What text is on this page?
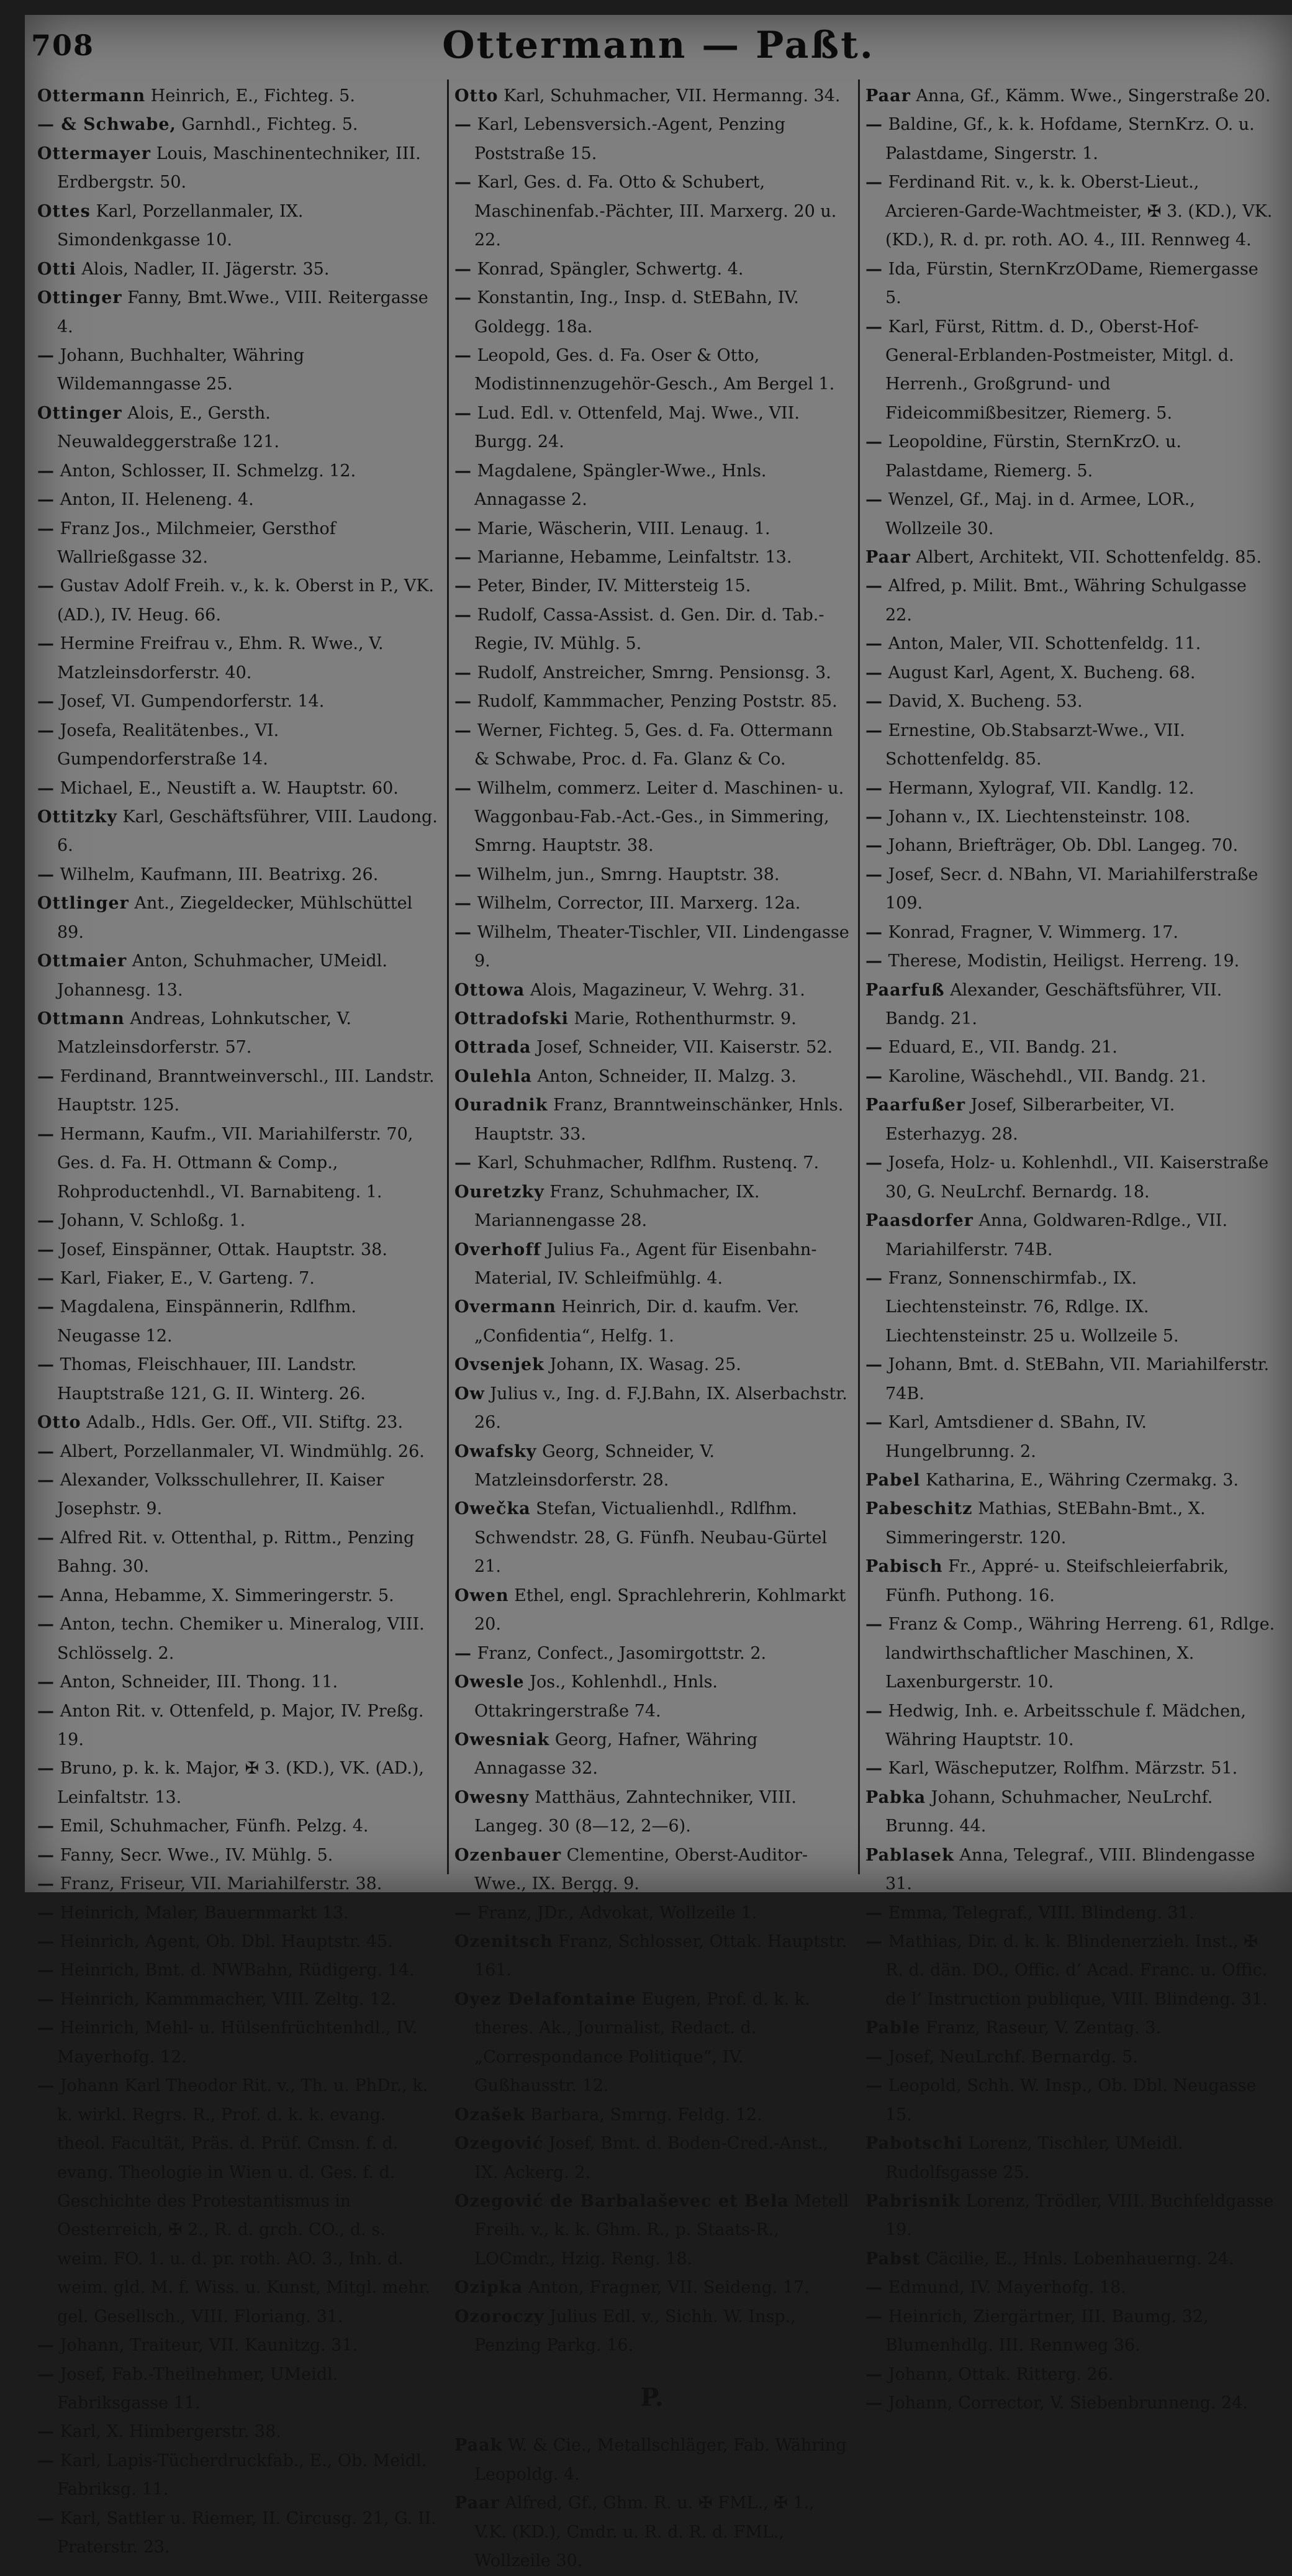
708	Ottermann — Paßt.

Ottermann Heinrich, E., Fichteg. 5.

— & Schwabe, Garnhdl., Fichteg. 5.

Ottermayer Louis, Maschinentechniker, III. Erdbergstr. 50.

Ottes Karl, Porzellanmaler, IX. Simondenkgasse 10.

Otti Alois, Nadler, II. Jägerstr. 35.

Ottinger Fanny, Bmt.Wwe., VIII. Reitergasse 4.

— Johann, Buchhalter, Währing Wildemanngasse 25.

Ottinger Alois, E., Gersth. Neuwaldeggerstraße 121.

— Anton, Schlosser, II. Schmelzg. 12.

— Anton, II. Heleneng. 4.

— Franz Jos., Milchmeier, Gersthof Wallrießgasse 32.

— Gustav Adolf Freih. v., k. k. Oberst in P., VK. (AD.), IV. Heug. 66.

— Hermine Freifrau v., Ehm. R. Wwe., V. Matzleinsdorferstr. 40.

— Josef, VI. Gumpendorferstr. 14.

— Josefa, Realitätenbes., VI. Gumpendorferstraße 14.

— Michael, E., Neustift a. W. Hauptstr. 60.

Ottitzky Karl, Geschäftsführer, VIII. Laudong. 6.

— Wilhelm, Kaufmann, III. Beatrixg. 26.

Ottlinger Ant., Ziegeldecker, Mühlschüttel 89.

Ottmaier Anton, Schuhmacher, UMeidl. Johannesg. 13.

Ottmann Andreas, Lohnkutscher, V. Matzleinsdorferstr. 57.

— Ferdinand, Branntweinverschl., III. Landstr. Hauptstr. 125.

— Hermann, Kaufm., VII. Mariahilferstr. 70, Ges. d. Fa. H. Ottmann & Comp., Rohproductenhdl., VI. Barnabiteng. 1.

— Johann, V. Schloßg. 1.

— Josef, Einspänner, Ottak. Hauptstr. 38.

— Karl, Fiaker, E., V. Garteng. 7.

— Magdalena, Einspännerin, Rdlfhm. Neugasse 12.

— Thomas, Fleischhauer, III. Landstr. Hauptstraße 121, G. II. Winterg. 26.

Otto Adalb., Hdls. Ger. Off., VII. Stiftg. 23.

— Albert, Porzellanmaler, VI. Windmühlg. 26.

— Alexander, Volksschullehrer, II. Kaiser Josephstr. 9.

— Alfred Rit. v. Ottenthal, p. Rittm., Penzing Bahng. 30.

— Anna, Hebamme, X. Simmeringerstr. 5.

— Anton, techn. Chemiker u. Mineralog, VIII. Schlösselg. 2.

— Anton, Schneider, III. Thong. 11.

— Anton Rit. v. Ottenfeld, p. Major, IV. Preßg. 19.

— Bruno, p. k. k. Major, ✠ 3. (KD.), VK. (AD.), Leinfaltstr. 13.

— Emil, Schuhmacher, Fünfh. Pelzg. 4.

— Fanny, Secr. Wwe., IV. Mühlg. 5.

— Franz, Friseur, VII. Mariahilferstr. 38.

— Heinrich, Maler, Bauernmarkt 13.

— Heinrich, Agent, Ob. Dbl. Hauptstr. 45.

— Heinrich, Bmt. d. NWBahn, Rüdigerg. 14.

— Heinrich, Kammmacher, VIII. Zeltg. 12.

— Heinrich, Mehl- u. Hülsenfrüchtenhdl., IV. Mayerhofg. 12.

— Johann Karl Theodor Rit. v., Th. u. PhDr., k. k. wirkl. Regrs. R., Prof. d. k. k. evang. theol. Facultät, Präs. d. Prüf. Cmsn. f. d. evang. Theologie in Wien u. d. Ges. f. d. Geschichte des Protestantismus in Oesterreich, ✠ 2., R. d. grch. CO., d. s. weim. FO. 1. u. d. pr. roth. AO. 3., Inh. d. weim. gld. M. f. Wiss. u. Kunst, Mitgl. mehr. gel. Gesellsch., VIII. Floriang. 31.

— Johann, Traiteur, VII. Kaunitzg. 31.

— Josef, Fab.-Theilnehmer, UMeidl. Fabriksgasse 11.

— Karl, X. Himbergerstr. 38.

— Karl, Lapis-Tücherdruckfab., E., Ob. Meidl. Fabriksg. 11.

— Karl, Sattler u. Riemer, II. Circusg. 21, G. II. Praterstr. 23.

Otto Karl, Schuhmacher, VII. Hermanng. 34.

— Karl, Lebensversich.-Agent, Penzing Poststraße 15.

— Karl, Ges. d. Fa. Otto & Schubert, Maschinenfab.-Pächter, III. Marxerg. 20 u. 22.

— Konrad, Spängler, Schwertg. 4.

— Konstantin, Ing., Insp. d. StEBahn, IV. Goldegg. 18a.

— Leopold, Ges. d. Fa. Oser & Otto, Modistinnenzugehör-Gesch., Am Bergel 1.

— Lud. Edl. v. Ottenfeld, Maj. Wwe., VII. Burgg. 24.

— Magdalene, Spängler-Wwe., Hnls. Annagasse 2.

— Marie, Wäscherin, VIII. Lenaug. 1.

— Marianne, Hebamme, Leinfaltstr. 13.

— Peter, Binder, IV. Mittersteig 15.

— Rudolf, Cassa-Assist. d. Gen. Dir. d. Tab.-Regie, IV. Mühlg. 5.

— Rudolf, Anstreicher, Smrng. Pensionsg. 3.

— Rudolf, Kammmacher, Penzing Poststr. 85.

— Werner, Fichteg. 5, Ges. d. Fa. Ottermann & Schwabe, Proc. d. Fa. Glanz & Co.

— Wilhelm, commerz. Leiter d. Maschinen- u. Waggonbau-Fab.-Act.-Ges., in Simmering, Smrng. Hauptstr. 38.

— Wilhelm, jun., Smrng. Hauptstr. 38.

— Wilhelm, Corrector, III. Marxerg. 12a.

— Wilhelm, Theater-Tischler, VII. Lindengasse 9.

Ottowa Alois, Magazineur, V. Wehrg. 31.

Ottradofski Marie, Rothenthurmstr. 9.

Ottrada Josef, Schneider, VII. Kaiserstr. 52.

Oulehla Anton, Schneider, II. Malzg. 3.

Ouradnik Franz, Branntweinschänker, Hnls. Hauptstr. 33.

— Karl, Schuhmacher, Rdlfhm. Rustenq. 7.

Ouretzky Franz, Schuhmacher, IX. Mariannengasse 28.

Overhoff Julius Fa., Agent für Eisenbahn-Material, IV. Schleifmühlg. 4.

Overmann Heinrich, Dir. d. kaufm. Ver. „Confidentia“, Helfg. 1.

Ovsenjek Johann, IX. Wasag. 25.

Ow Julius v., Ing. d. F.J.Bahn, IX. Alserbachstr. 26.

Owafsky Georg, Schneider, V. Matzleinsdorferstr. 28.

Owečka Stefan, Victualienhdl., Rdlfhm. Schwendstr. 28, G. Fünfh. Neubau-Gürtel 21.

Owen Ethel, engl. Sprachlehrerin, Kohlmarkt 20.

— Franz, Confect., Jasomirgottstr. 2.

Owesle Jos., Kohlenhdl., Hnls. Ottakringerstraße 74.

Owesniak Georg, Hafner, Währing Annagasse 32.

Owesny Matthäus, Zahntechniker, VIII. Langeg. 30 (8—12, 2—6).

Ozenbauer Clementine, Oberst-Auditor-Wwe., IX. Bergg. 9.

— Franz, JDr., Advokat, Wollzeile 1.

Ozenitsch Franz, Schlosser, Ottak. Hauptstr. 161.

Oyez Delafontaine Eugen, Prof. d. k. k. theres. Ak., Journalist, Redact. d. „Correspondance Politique“, IV. Gußhausstr. 12.

Ozašek Barbara, Smrng. Feldg. 12.

Ozegović Josef, Bmt. d. Boden-Cred.-Anst., IX. Ackerg. 2.

Ozegović de Barbalaševec et Bela Metell Freih. v., k. k. Ghm. R., p. Staats-R., LOCmdr., Hzig. Reng. 18.

Ozipka Anton, Fragner, VII. Seideng. 17.

Ozoroczy Julius Edl. v., Sichh. W. Insp., Penzing Parkg. 16.

P.

Paak W. & Cie., Metallschläger, Fab. Währing Leopoldg. 4.

Paar Alfred, Gf., Ghm. R. u. ✠ FML., ✠ 1., V.K. (KD.), Cmdr. u. R. d. R. d. FML., Wollzeile 30.

Paar Anna, Gf., Kämm. Wwe., Singerstraße 20.

— Baldine, Gf., k. k. Hofdame, SternKrz. O. u. Palastdame, Singerstr. 1.

— Ferdinand Rit. v., k. k. Oberst-Lieut., Arcieren-Garde-Wachtmeister, ✠ 3. (KD.), VK. (KD.), R. d. pr. roth. AO. 4., III. Rennweg 4.

— Ida, Fürstin, SternKrzODame, Riemergasse 5.

— Karl, Fürst, Rittm. d. D., Oberst-Hof- General-Erblanden-Postmeister, Mitgl. d. Herrenh., Großgrund- und Fideicommißbesitzer, Riemerg. 5.

— Leopoldine, Fürstin, SternKrzO. u. Palastdame, Riemerg. 5.

— Wenzel, Gf., Maj. in d. Armee, LOR., Wollzeile 30.

Paar Albert, Architekt, VII. Schottenfeldg. 85.

— Alfred, p. Milit. Bmt., Währing Schulgasse 22.

— Anton, Maler, VII. Schottenfeldg. 11.

— August Karl, Agent, X. Bucheng. 68.

— David, X. Bucheng. 53.

— Ernestine, Ob.Stabsarzt-Wwe., VII. Schottenfeldg. 85.

— Hermann, Xylograf, VII. Kandlg. 12.

— Johann v., IX. Liechtensteinstr. 108.

— Johann, Briefträger, Ob. Dbl. Langeg. 70.

— Josef, Secr. d. NBahn, VI. Mariahilferstraße 109.

— Konrad, Fragner, V. Wimmerg. 17.

— Therese, Modistin, Heiligst. Herreng. 19.

Paarfuß Alexander, Geschäftsführer, VII. Bandg. 21.

— Eduard, E., VII. Bandg. 21.

— Karoline, Wäschehdl., VII. Bandg. 21.

Paarfußer Josef, Silberarbeiter, VI. Esterhazyg. 28.

— Josefa, Holz- u. Kohlenhdl., VII. Kaiserstraße 30, G. NeuLrchf. Bernardg. 18.

Paasdorfer Anna, Goldwaren-Rdlge., VII. Mariahilferstr. 74B.

— Franz, Sonnenschirmfab., IX. Liechtensteinstr. 76, Rdlge. IX. Liechtensteinstr. 25 u. Wollzeile 5.

— Johann, Bmt. d. StEBahn, VII. Mariahilferstr. 74B.

— Karl, Amtsdiener d. SBahn, IV. Hungelbrunng. 2.

Pabel Katharina, E., Währing Czermakg. 3.

Pabeschitz Mathias, StEBahn-Bmt., X. Simmeringerstr. 120.

Pabisch Fr., Appré- u. Steifschleierfabrik, Fünfh. Puthong. 16.

— Franz & Comp., Währing Herreng. 61, Rdlge. landwirthschaftlicher Maschinen, X. Laxenburgerstr. 10.

— Hedwig, Inh. e. Arbeitsschule f. Mädchen, Währing Hauptstr. 10.

— Karl, Wäscheputzer, Rolfhm. Märzstr. 51.

Pabka Johann, Schuhmacher, NeuLrchf. Brunng. 44.

Pablasek Anna, Telegraf., VIII. Blindengasse 31.

— Emma, Telegraf., VIII. Blindeng. 31.

— Mathias, Dir. d. k. k. Blindenerzieh. Inst., ✠ R. d. dän. DO., Offic. d’ Acad. Franc. u. Offic. de l’ Instruction publique, VIII. Blindeng. 31.

Pable Franz, Raseur, V. Zentag. 3.

— Josef, NeuLrchf. Bernardg. 5.

— Leopold, Schh. W. Insp., Ob. Dbl. Neugasse 15.

Pabotschi Lorenz, Tischler, UMeidl. Rudolfsgasse 25.

Pabrisnik Lorenz, Trödler, VIII. Buchfeldgasse 19.

Pabst Cäcilie, E., Hnls. Lobenhauerng. 24.

— Edmund, IV. Mayerhofg. 18.

— Heinrich, Ziergärtner, III. Baumg. 32, Blumenhdlg. III. Rennweg 36.

— Johann, Ottak. Ritterg. 26.

— Johann, Corrector, V. Siebenbrunneng. 24.
